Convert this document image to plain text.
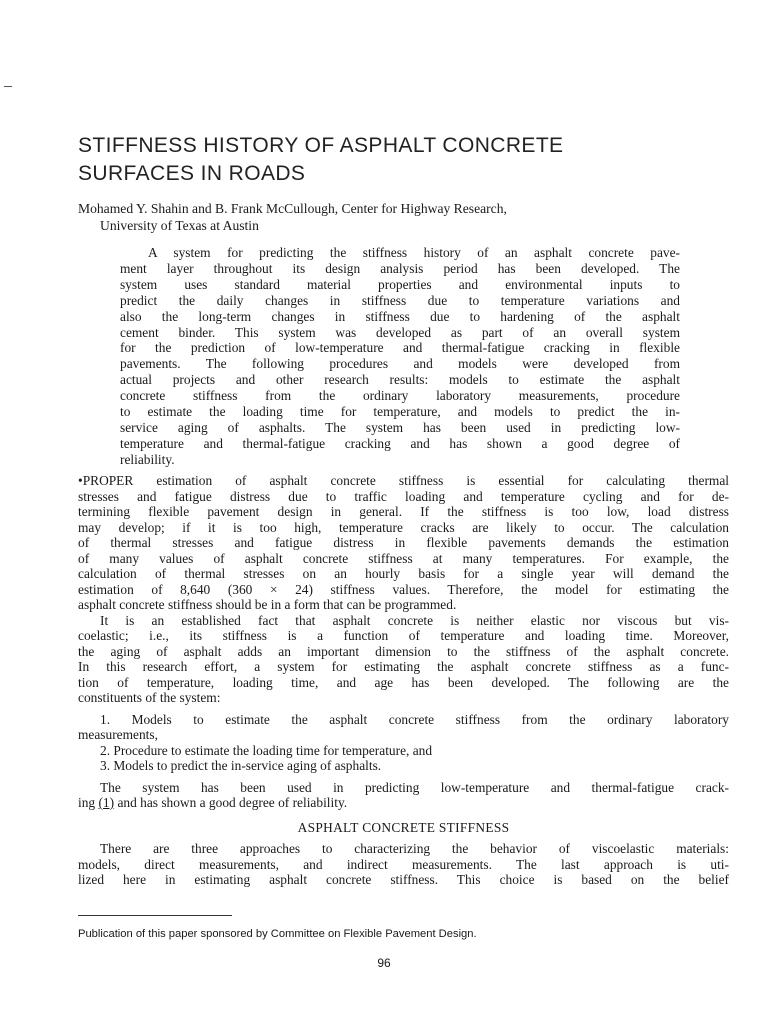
STIFFNESS HISTORY OF ASPHALT CONCRETE
SURFACES IN ROADS
Mohamed Y. Shahin and B. Frank McCullough, Center for Highway Research,
University of Texas at Austin
A system for predicting the stiffness history of an asphalt concrete pave-
ment layer throughout its design analysis period has been developed. The
system uses standard material properties and environmental inputs to
predict the daily changes in stiffness due to temperature variations and
also the long-term changes in stiffness due to hardening of the asphalt
cement binder. This system was developed as part of an overall system
for the prediction of low-temperature and thermal-fatigue cracking in flexible
pavements. The following procedures and models were developed from
actual projects and other research results: models to estimate the asphalt
concrete stiffness from the ordinary laboratory measurements, procedure
to estimate the loading time for temperature, and models to predict the in-
service aging of asphalts. The system has been used in predicting low-
temperature and thermal-fatigue cracking and has shown a good degree of
reliability.
•PROPER estimation of asphalt concrete stiffness is essential for calculating thermal
stresses and fatigue distress due to traffic loading and temperature cycling and for de-
termining flexible pavement design in general. If the stiffness is too low, load distress
may develop; if it is too high, temperature cracks are likely to occur. The calculation
of thermal stresses and fatigue distress in flexible pavements demands the estimation
of many values of asphalt concrete stiffness at many temperatures. For example, the
calculation of thermal stresses on an hourly basis for a single year will demand the
estimation of 8,640 (360 × 24) stiffness values. Therefore, the model for estimating the
asphalt concrete stiffness should be in a form that can be programmed.
It is an established fact that asphalt concrete is neither elastic nor viscous but vis-
coelastic; i.e., its stiffness is a function of temperature and loading time. Moreover,
the aging of asphalt adds an important dimension to the stiffness of the asphalt concrete.
In this research effort, a system for estimating the asphalt concrete stiffness as a func-
tion of temperature, loading time, and age has been developed. The following are the
constituents of the system:
1. Models to estimate the asphalt concrete stiffness from the ordinary laboratory
measurements,
2. Procedure to estimate the loading time for temperature, and
3. Models to predict the in-service aging of asphalts.
The system has been used in predicting low-temperature and thermal-fatigue crack-
ing (1) and has shown a good degree of reliability.
ASPHALT CONCRETE STIFFNESS
There are three approaches to characterizing the behavior of viscoelastic materials:
models, direct measurements, and indirect measurements. The last approach is uti-
lized here in estimating asphalt concrete stiffness. This choice is based on the belief
Publication of this paper sponsored by Committee on Flexible Pavement Design.
96
